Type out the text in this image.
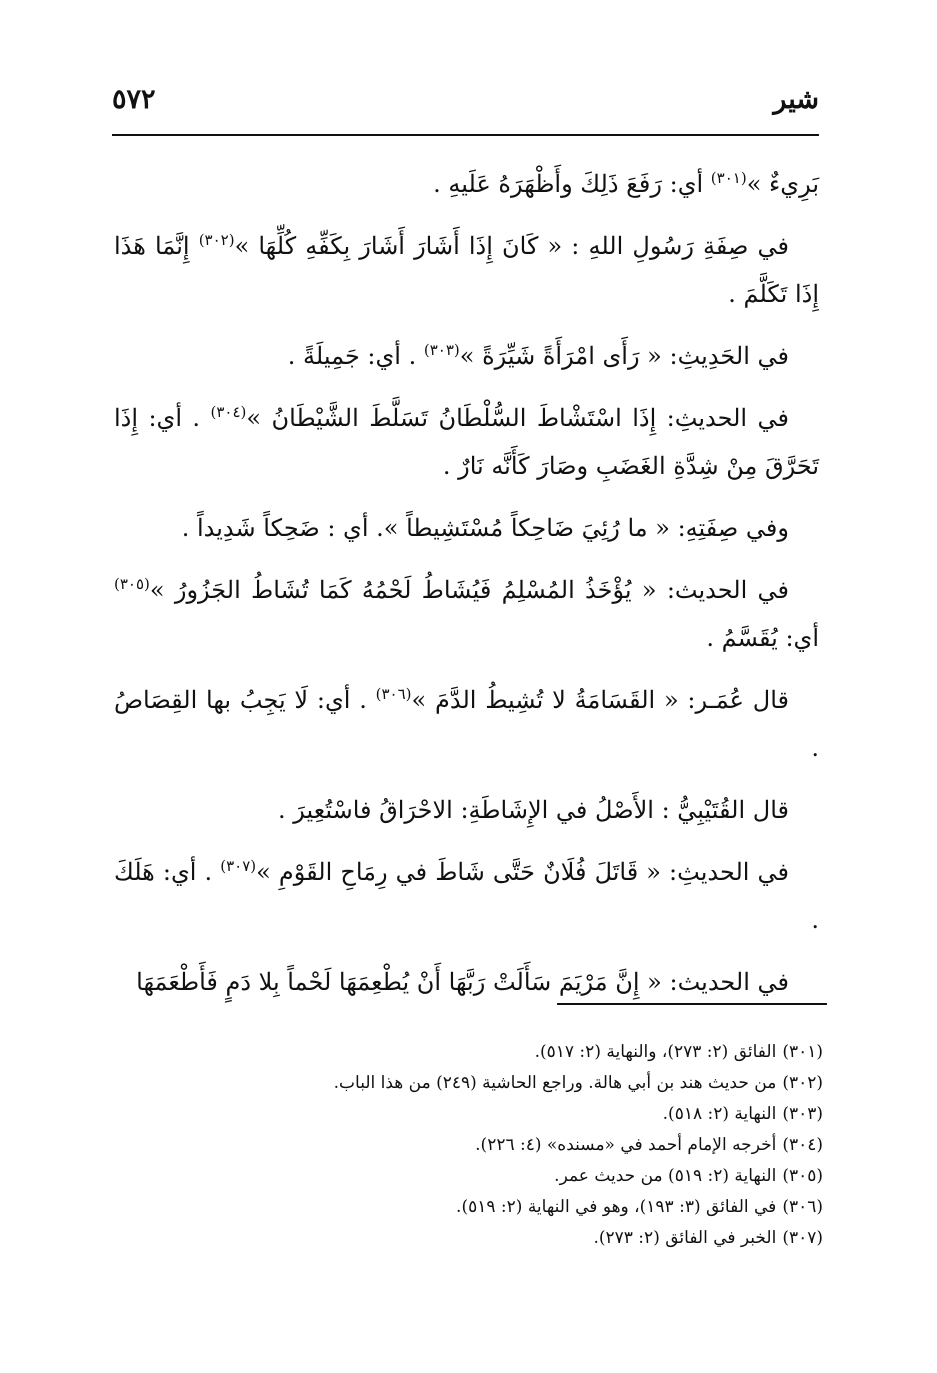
شير
٥٧٢

بَرِيءٌ »$^{(٣٠١)}$ أي: رَفَعَ ذَلِكَ وأَظْهَرَهُ عَلَيهِ .

في صِفَةِ رَسُولِ اللهِ : « كَانَ إِذَا أَشَارَ أَشَارَ بِكَفِّهِ كُلِّهَا »$^{(٣٠٢)}$ إِنَّمَا هَذَا إِذَا تَكَلَّمَ .

في الحَدِيثِ: « رَأَى امْرَأَةً شَيِّرَةً »$^{(٣٠٣)}$ . أي: جَمِيلَةً .

في الحديثِ: إِذَا اسْتَشْاطَ السُّلْطَانُ تَسَلَّطَ الشَّيْطَانُ »$^{(٣٠٤)}$ . أي: إِذَا تَحَرَّقَ مِنْ شِدَّةِ الغَضَبِ وصَارَ كَأَنَّه نَارٌ .

وفي صِفَتِهِ: « ما رُئِيَ ضَاحِكاً مُسْتَشِيطاً ». أي : ضَحِكاً شَدِيداً .

في الحديث: « يُؤْخَذُ المُسْلِمُ فَيُشَاطُ لَحْمُهُ كَمَا تُشَاطُ الجَزُورُ »$^{(٣٠٥)}$ أي: يُقَسَّمُ .

قال عُمَـر: « القَسَامَةُ لا تُشِيطُ الدَّمَ »$^{(٣٠٦)}$ . أي: لَا يَجِبُ بها القِصَاصُ .

قال القُتَيْبِيُّ : الأَصْلُ في الإِشَاطَةِ: الاحْرَاقُ فاسْتُعِيرَ .

في الحديثِ: « قَاتَلَ فُلَانٌ حَتَّى شَاطَ في رِمَاحِ القَوْمِ »$^{(٣٠٧)}$ . أي: هَلَكَ .

في الحديث: « إِنَّ مَرْيَمَ سَأَلَتْ رَبَّهَا أَنْ يُطْعِمَهَا لَحْماً بِلا دَمٍ فَأَطْعَمَهَا

(٣٠١)الفائق (٢: ٢٧٣)، والنهاية (٢: ٥١٧).

(٣٠٢)من حديث هند بن أبي هالة. وراجع الحاشية (٢٤٩) من هذا الباب.

(٣٠٣)النهاية (٢: ٥١٨).

(٣٠٤)أخرجه الإمام أحمد في «مسنده» (٤: ٢٢٦).

(٣٠٥)النهاية (٢: ٥١٩) من حديث عمر.

(٣٠٦)في الفائق (٣: ١٩٣)، وهو في النهاية (٢: ٥١٩).

(٣٠٧)الخبر في الفائق (٢: ٢٧٣).
